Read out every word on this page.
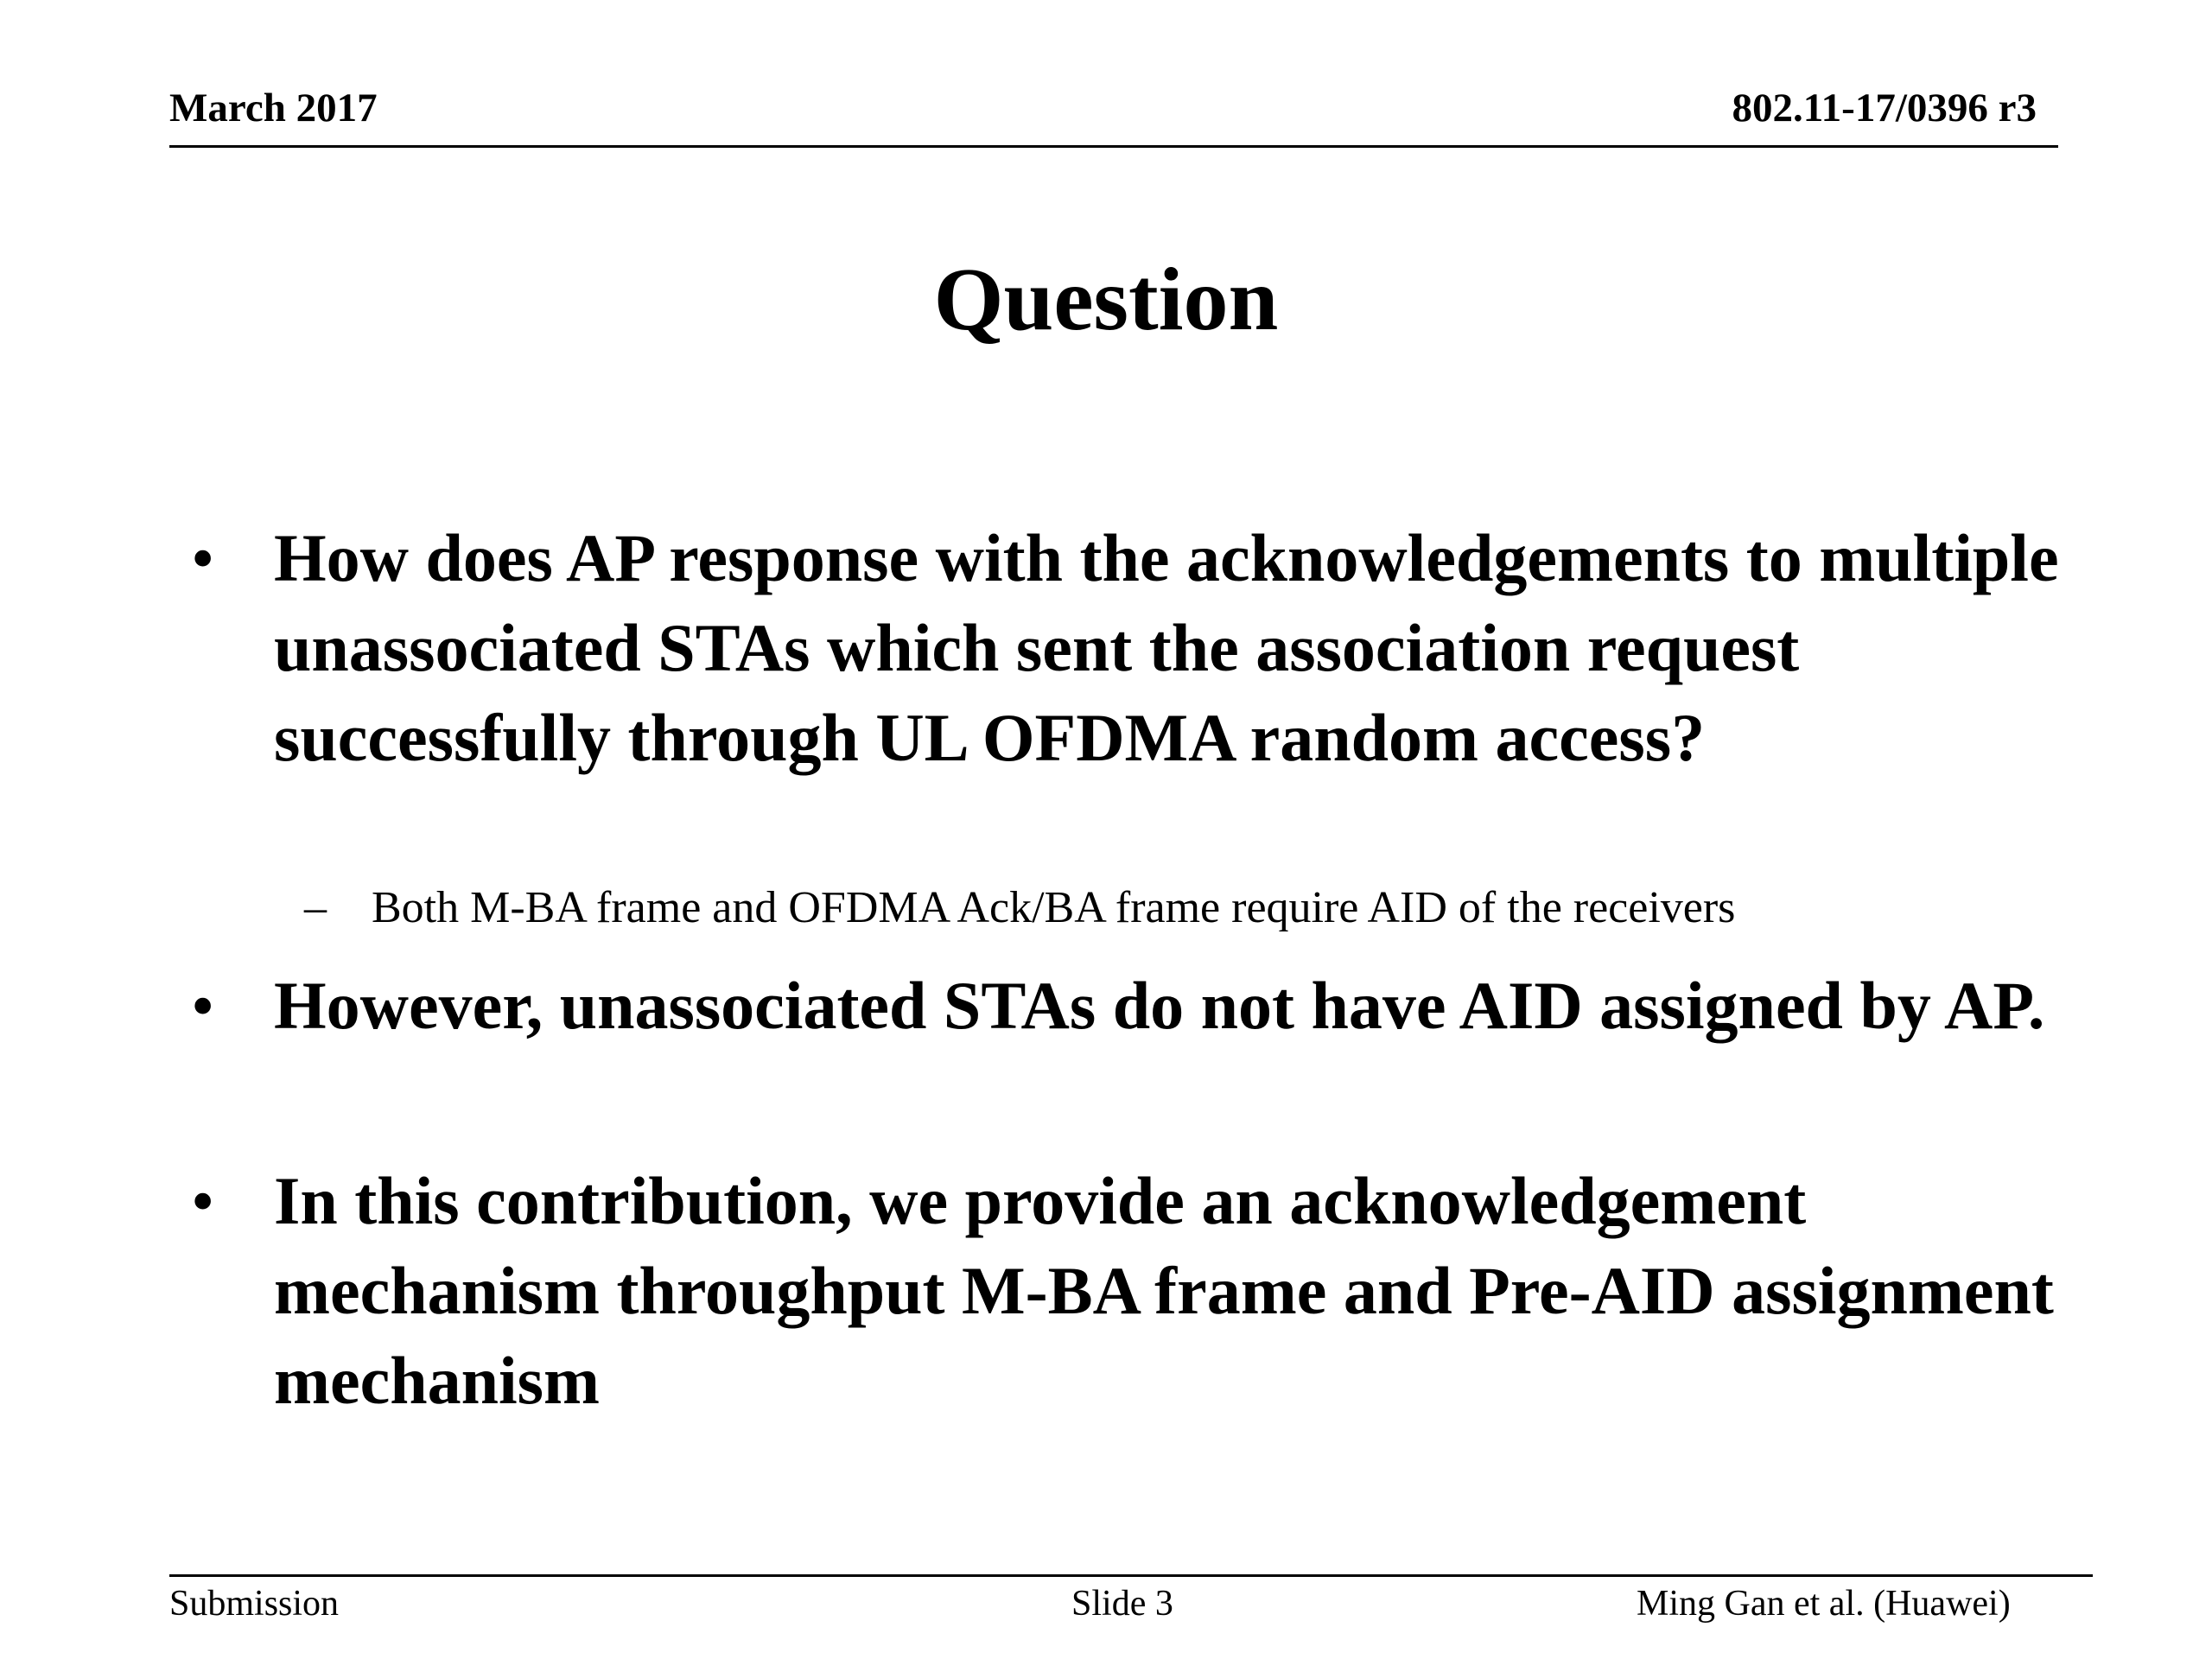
March 2017	802.11-17/0396 r3
Question
• How does AP response with the acknowledgements to multiple unassociated STAs which sent the association request successfully through UL OFDMA random access?
– Both M-BA frame and OFDMA Ack/BA frame require AID of the receivers
• However, unassociated STAs do not have AID assigned by AP.
• In this contribution, we provide an acknowledgement mechanism throughput M-BA frame and Pre-AID assignment mechanism
Submission	Slide 3	Ming Gan et al. (Huawei)
